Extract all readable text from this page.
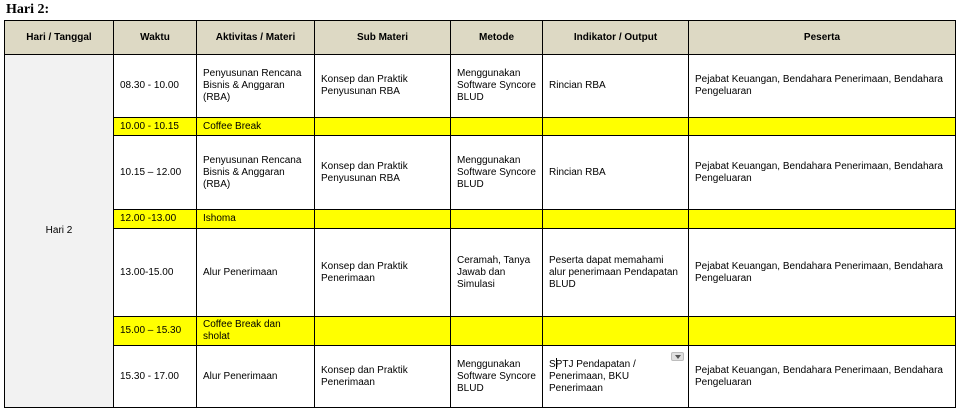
Hari 2:
Hari / Tanggal	Waktu	Aktivitas / Materi	Sub Materi	Metode	Indikator / Output	Peserta
Hari 2	08.30 - 10.00	Penyusunan Rencana Bisnis & Anggaran (RBA)	Konsep dan Praktik Penyusunan RBA	Menggunakan Software Syncore BLUD	Rincian RBA	Pejabat Keuangan, Bendahara Penerimaan, Bendahara Pengeluaran
	10.00 - 10.15	Coffee Break				
	10.15 – 12.00	Penyusunan Rencana Bisnis & Anggaran (RBA)	Konsep dan Praktik Penyusunan RBA	Menggunakan Software Syncore BLUD	Rincian RBA	Pejabat Keuangan, Bendahara Penerimaan, Bendahara Pengeluaran
	12.00 -13.00	Ishoma				
	13.00-15.00	Alur Penerimaan	Konsep dan Praktik Penerimaan	Ceramah, Tanya Jawab dan Simulasi	Peserta dapat memahami alur penerimaan Pendapatan BLUD	Pejabat Keuangan, Bendahara Penerimaan, Bendahara Pengeluaran
	15.00 – 15.30	Coffee Break dan sholat				
	15.30 - 17.00	Alur Penerimaan	Konsep dan Praktik Penerimaan	Menggunakan Software Syncore BLUD	SPTJ Pendapatan / Penerimaan, BKU Penerimaan	Pejabat Keuangan, Bendahara Penerimaan, Bendahara Pengeluaran
